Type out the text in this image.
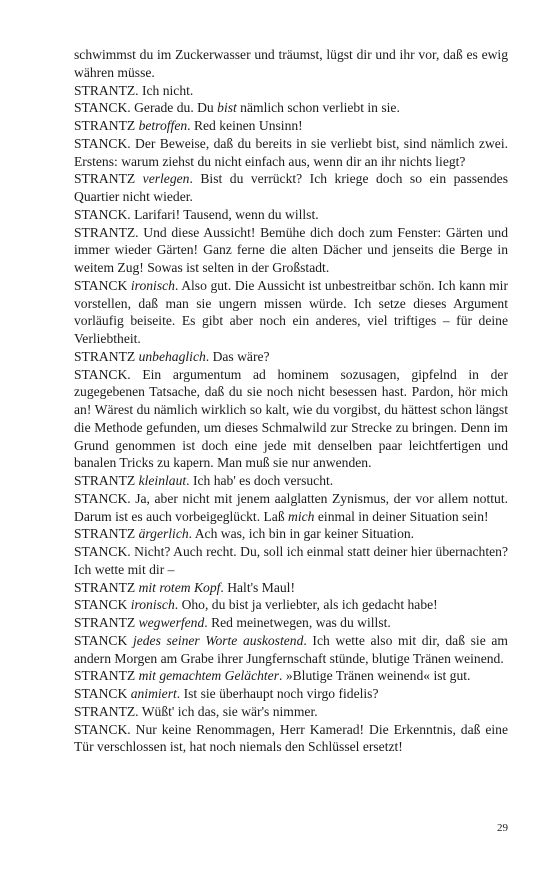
schwimmst du im Zuckerwasser und träumst, lügst dir und ihr vor, daß es ewig währen müsse.

STRANTZ. Ich nicht.

STANCK. Gerade du. Du bist nämlich schon verliebt in sie.

STRANTZ betroffen. Red keinen Unsinn!

STANCK. Der Beweise, daß du bereits in sie verliebt bist, sind nämlich zwei. Erstens: warum ziehst du nicht einfach aus, wenn dir an ihr nichts liegt?

STRANTZ verlegen. Bist du verrückt? Ich kriege doch so ein passendes Quartier nicht wieder.

STANCK. Larifari! Tausend, wenn du willst.

STRANTZ. Und diese Aussicht! Bemühe dich doch zum Fenster: Gärten und immer wieder Gärten! Ganz ferne die alten Dächer und jenseits die Berge in weitem Zug! Sowas ist selten in der Großstadt.

STANCK ironisch. Also gut. Die Aussicht ist unbestreitbar schön. Ich kann mir vorstellen, daß man sie ungern missen würde. Ich setze dieses Argument vorläufig beiseite. Es gibt aber noch ein anderes, viel triftiges – für deine Verliebtheit.

STRANTZ unbehaglich. Das wäre?

STANCK. Ein argumentum ad hominem sozusagen, gipfelnd in der zugegebenen Tatsache, daß du sie noch nicht besessen hast. Pardon, hör mich an! Wärest du nämlich wirklich so kalt, wie du vorgibst, du hättest schon längst die Methode gefunden, um dieses Schmalwild zur Strecke zu bringen. Denn im Grund genommen ist doch eine jede mit denselben paar leichtfertigen und banalen Tricks zu kapern. Man muß sie nur anwenden.

STRANTZ kleinlaut. Ich hab' es doch versucht.

STANCK. Ja, aber nicht mit jenem aalglatten Zynismus, der vor allem nottut. Darum ist es auch vorbeigeglückt. Laß mich einmal in deiner Situation sein!

STRANTZ ärgerlich. Ach was, ich bin in gar keiner Situation.

STANCK. Nicht? Auch recht. Du, soll ich einmal statt deiner hier übernachten? Ich wette mit dir –

STRANTZ mit rotem Kopf. Halt's Maul!

STANCK ironisch. Oho, du bist ja verliebter, als ich gedacht habe!

STRANTZ wegwerfend. Red meinetwegen, was du willst.

STANCK jedes seiner Worte auskostend. Ich wette also mit dir, daß sie am andern Morgen am Grabe ihrer Jungfernschaft stünde, blutige Tränen weinend.

STRANTZ mit gemachtem Gelächter. »Blutige Tränen weinend« ist gut.

STANCK animiert. Ist sie überhaupt noch virgo fidelis?

STRANTZ. Wüßt' ich das, sie wär's nimmer.

STANCK. Nur keine Renommagen, Herr Kamerad! Die Erkenntnis, daß eine Tür verschlossen ist, hat noch niemals den Schlüssel ersetzt!

29
